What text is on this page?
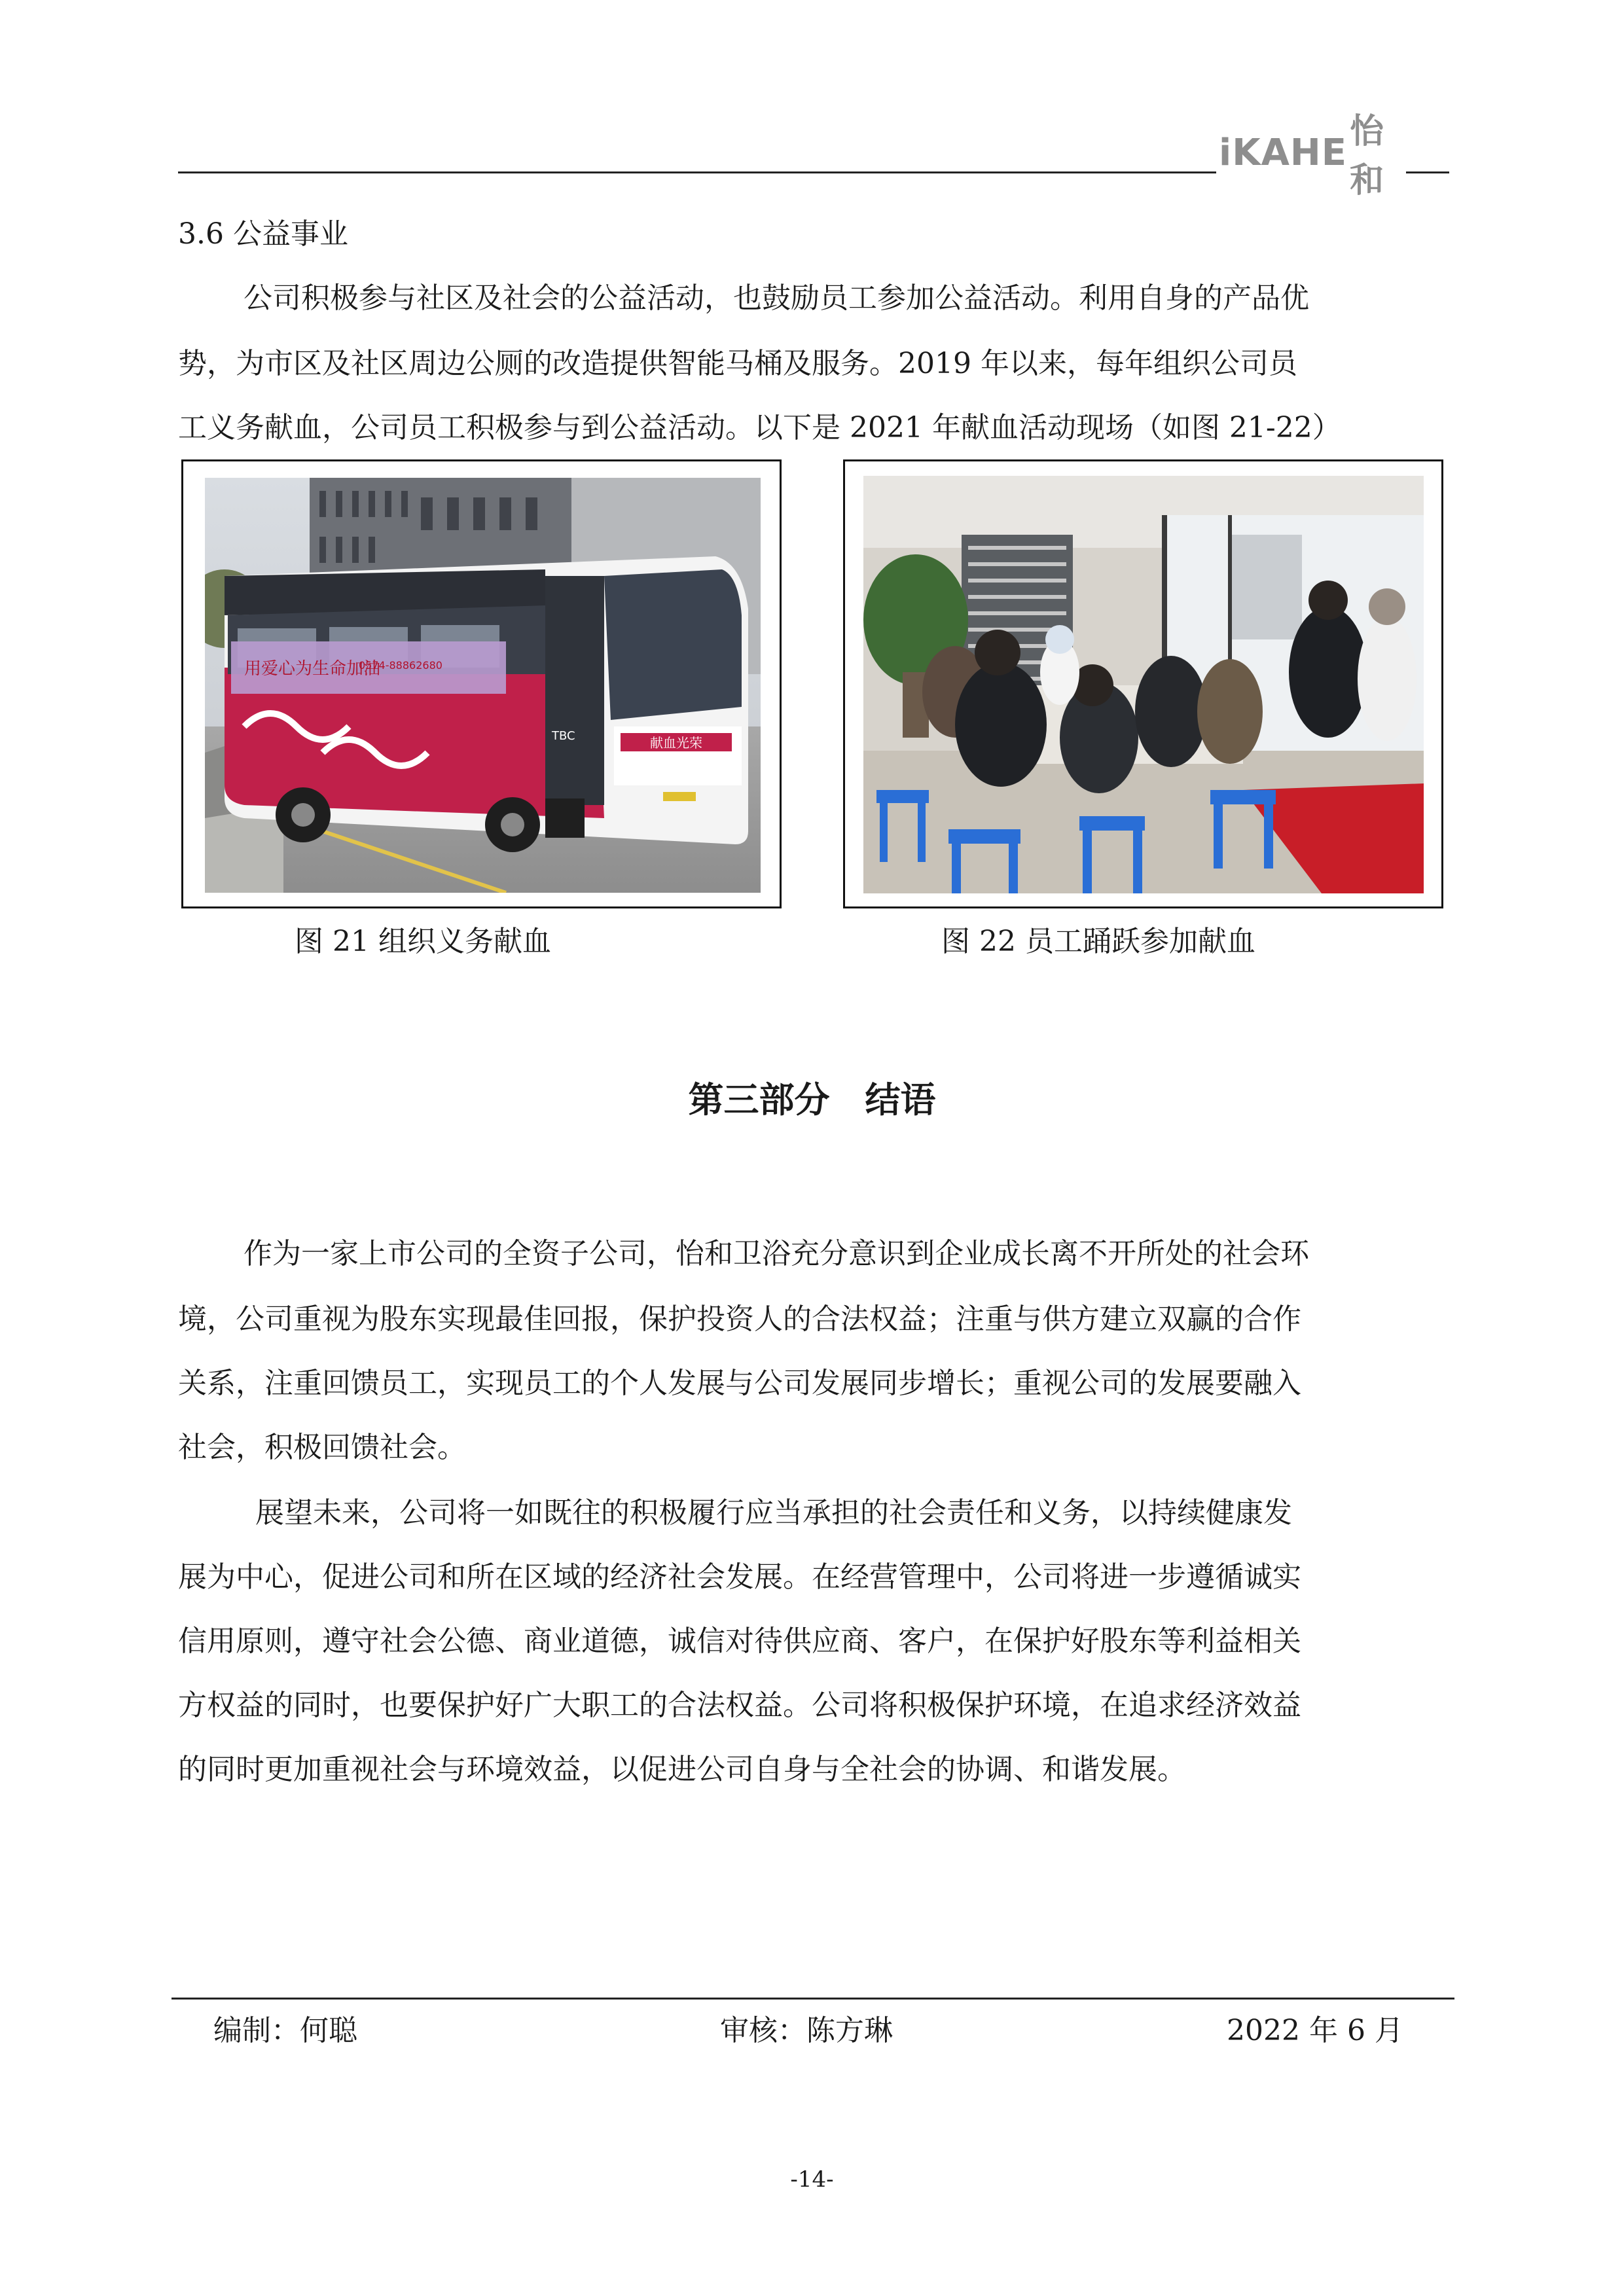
iKAHE 怡和
3.6 公益事业
公司积极参与社区及社会的公益活动，也鼓励员工参加公益活动。利用自身的产品优
势，为市区及社区周边公厕的改造提供智能马桶及服务。2019 年以来，每年组织公司员
工义务献血，公司员工积极参与到公益活动。以下是 2021 年献血活动现场（如图 21-22）
用爱心为生命加油
0574-88862680
TBC	献血光荣
图 21 组织义务献血	图 22 员工踊跃参加献血
第三部分　结语
作为一家上市公司的全资子公司，怡和卫浴充分意识到企业成长离不开所处的社会环
境，公司重视为股东实现最佳回报，保护投资人的合法权益；注重与供方建立双赢的合作
关系，注重回馈员工，实现员工的个人发展与公司发展同步增长；重视公司的发展要融入
社会，积极回馈社会。
展望未来，公司将一如既往的积极履行应当承担的社会责任和义务，以持续健康发
展为中心，促进公司和所在区域的经济社会发展。在经营管理中，公司将进一步遵循诚实
信用原则，遵守社会公德、商业道德，诚信对待供应商、客户，在保护好股东等利益相关
方权益的同时，也要保护好广大职工的合法权益。公司将积极保护环境，在追求经济效益
的同时更加重视社会与环境效益，以促进公司自身与全社会的协调、和谐发展。
编制：何聪	审核：陈方琳	2022 年 6 月
-14-
